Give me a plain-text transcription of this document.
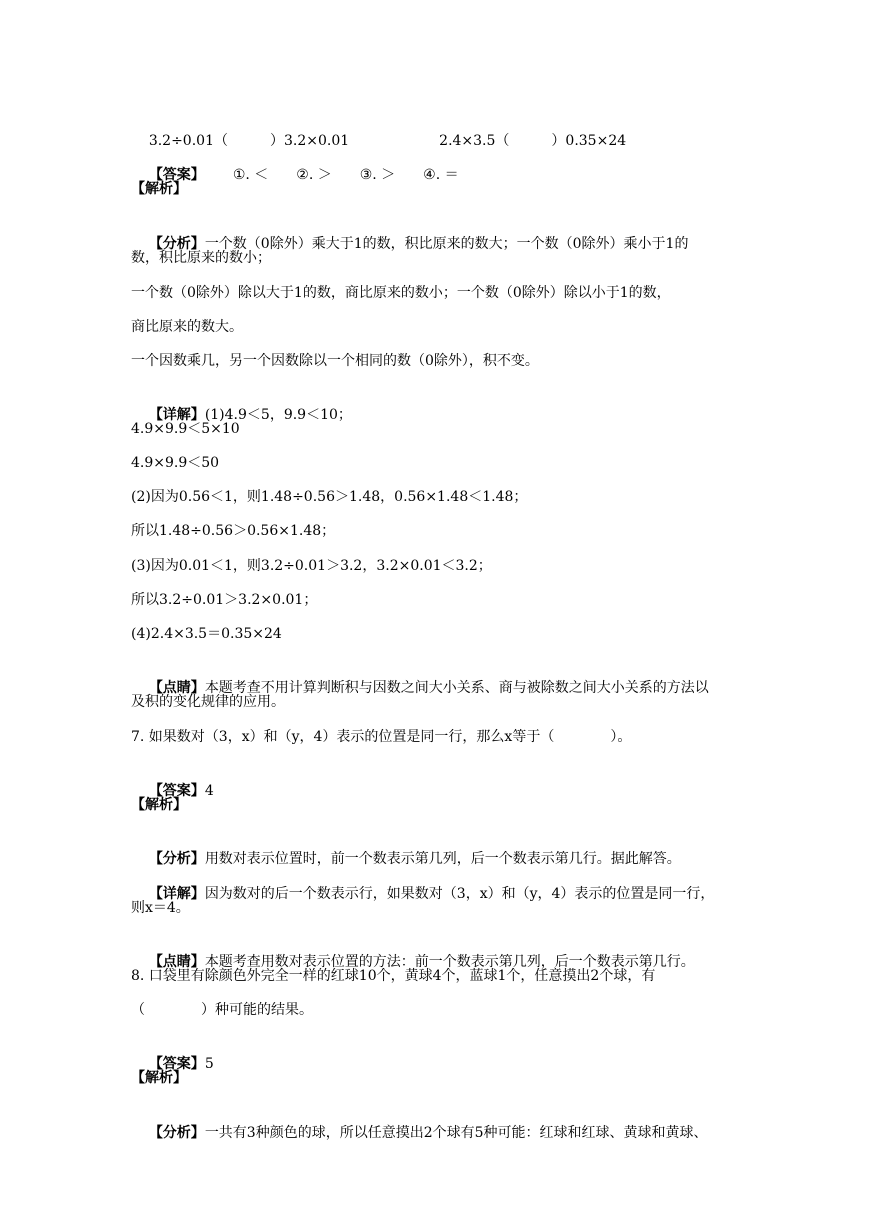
3.2÷0.01（　　　）3.2×0.01	2.4×3.5（　　　）0.35×24

【答案】 ①. ＜　　②. ＞　　③. ＞　　④. ＝

【解析】

【分析】一个数（0除外）乘大于1的数，积比原来的数大；一个数（0除外）乘小于1的

数，积比原来的数小；
一个数（0除外）除以大于1的数，商比原来的数小；一个数（0除外）除以小于1的数，
商比原来的数大。
一个因数乘几，另一个因数除以一个相同的数（0除外），积不变。

【详解】(1)4.9＜5，9.9＜10；

4.9×9.9＜5×10
4.9×9.9＜50
(2)因为0.56＜1，则1.48÷0.56＞1.48，0.56×1.48＜1.48；
所以1.48÷0.56＞0.56×1.48；
(3)因为0.01＜1，则3.2÷0.01＞3.2，3.2×0.01＜3.2；
所以3.2÷0.01＞3.2×0.01；
(4)2.4×3.5＝0.35×24

【点睛】本题考查不用计算判断积与因数之间大小关系、商与被除数之间大小关系的方法以

及积的变化规律的应用。
7. 如果数对（3，x）和（y，4）表示的位置是同一行，那么x等于（　　　　）。

【答案】4

【解析】

【分析】用数对表示位置时，前一个数表示第几列，后一个数表示第几行。据此解答。

【详解】因为数对的后一个数表示行，如果数对（3，x）和（y，4）表示的位置是同一行，

则x＝4。

【点睛】本题考查用数对表示位置的方法：前一个数表示第几列，后一个数表示第几行。

8. 口袋里有除颜色外完全一样的红球10个，黄球4个，蓝球1个，任意摸出2个球，有
（　　　　）种可能的结果。

【答案】5

【解析】

【分析】一共有3种颜色的球，所以任意摸出2个球有5种可能：红球和红球、黄球和黄球、
